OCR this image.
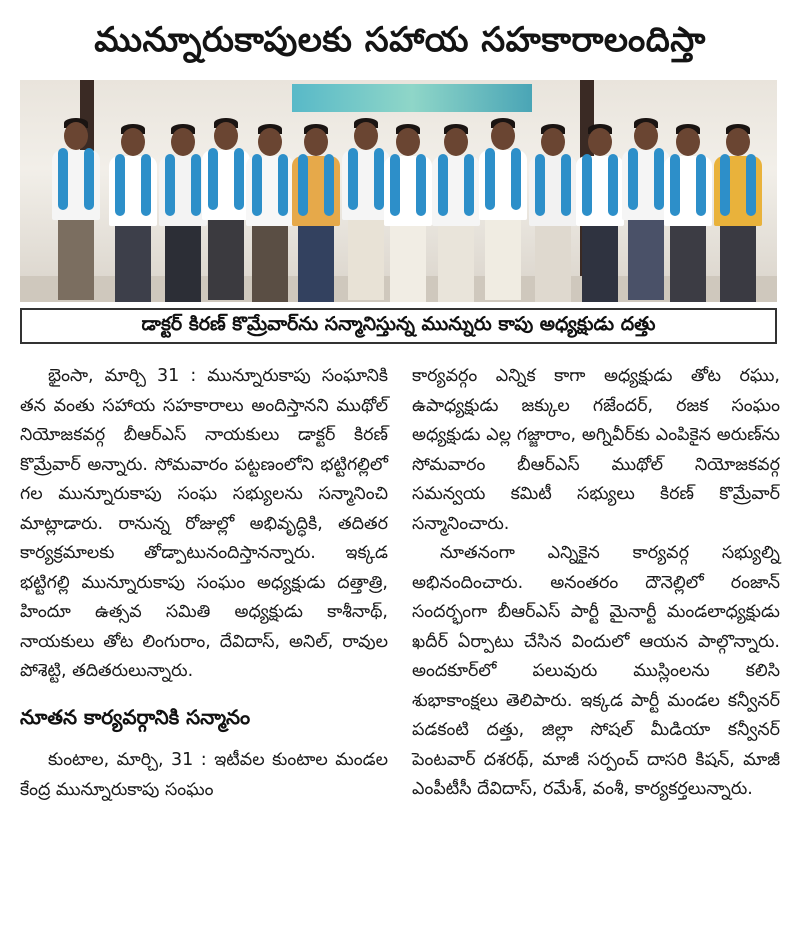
మున్నూరుకాపులకు సహాయ సహకారాలందిస్తా
డాక్టర్ కిరణ్ కొమ్రేవార్‌ను సన్మానిస్తున్న మున్నురు కాపు అధ్యక్షుడు దత్తు

భైంసా, మార్చి 31 : మున్నూరుకాపు సంఘానికి తన వంతు సహాయ సహకారాలు అందిస్తానని ముథోల్ నియోజకవర్గ బీఆర్ఎస్ నాయకులు డాక్టర్ కిరణ్ కొమ్రేవార్ అన్నారు. సోమవారం పట్టణంలోని భట్టిగల్లిలో గల మున్నూరుకాపు సంఘ సభ్యులను సన్మానించి మాట్లాడారు. రానున్న రోజుల్లో అభివృద్ధికి, తదితర కార్యక్రమాలకు తోడ్పాటునందిస్తానన్నారు. ఇక్కడ భట్టిగల్లి మున్నూరుకాపు సంఘం అధ్యక్షుడు దత్తాత్రి, హిందూ ఉత్సవ సమితి అధ్యక్షుడు కాశీనాథ్, నాయకులు తోట లింగురాం, దేవిదాస్, అనిల్, రావుల పోశెట్టి, తదితరులున్నారు.

నూతన కార్యవర్గానికి సన్మానం

కుంటాల, మార్చి, 31 : ఇటీవల కుంటాల మండల కేంద్ర మున్నూరుకాపు సంఘం

కార్యవర్గం ఎన్నిక కాగా అధ్యక్షుడు తోట రఘు, ఉపాధ్యక్షుడు జక్కుల గజేందర్, రజక సంఘం అధ్యక్షుడు ఎల్ల గజ్జారాం, అగ్నివీర్‌కు ఎంపికైన అరుణ్‌ను సోమవారం బీఆర్ఎస్ ముథోల్ నియోజకవర్గ సమన్వయ కమిటీ సభ్యులు కిరణ్ కొమ్రేవార్ సన్మానించారు.

నూతనంగా ఎన్నికైన కార్యవర్గ సభ్యుల్ని అభినందించారు. అనంతరం దౌనెల్లిలో రంజాన్ సందర్భంగా బీఆర్ఎస్ పార్టీ మైనార్టీ మండలాధ్యక్షుడు ఖదీర్ ఏర్పాటు చేసిన విందులో ఆయన పాల్గొన్నారు. అందకూర్‌లో పలువురు ముస్లింలను కలిసి శుభాకాంక్షలు తెలిపారు. ఇక్కడ పార్టీ మండల కన్వీనర్ పడకంటి దత్తు, జిల్లా సోషల్ మీడియా కన్వీనర్ పెంటవార్ దశరథ్, మాజీ సర్పంచ్ దాసరి కిషన్, మాజీ ఎంపీటీసీ దేవిదాస్, రమేశ్, వంశీ, కార్యకర్తలున్నారు.
